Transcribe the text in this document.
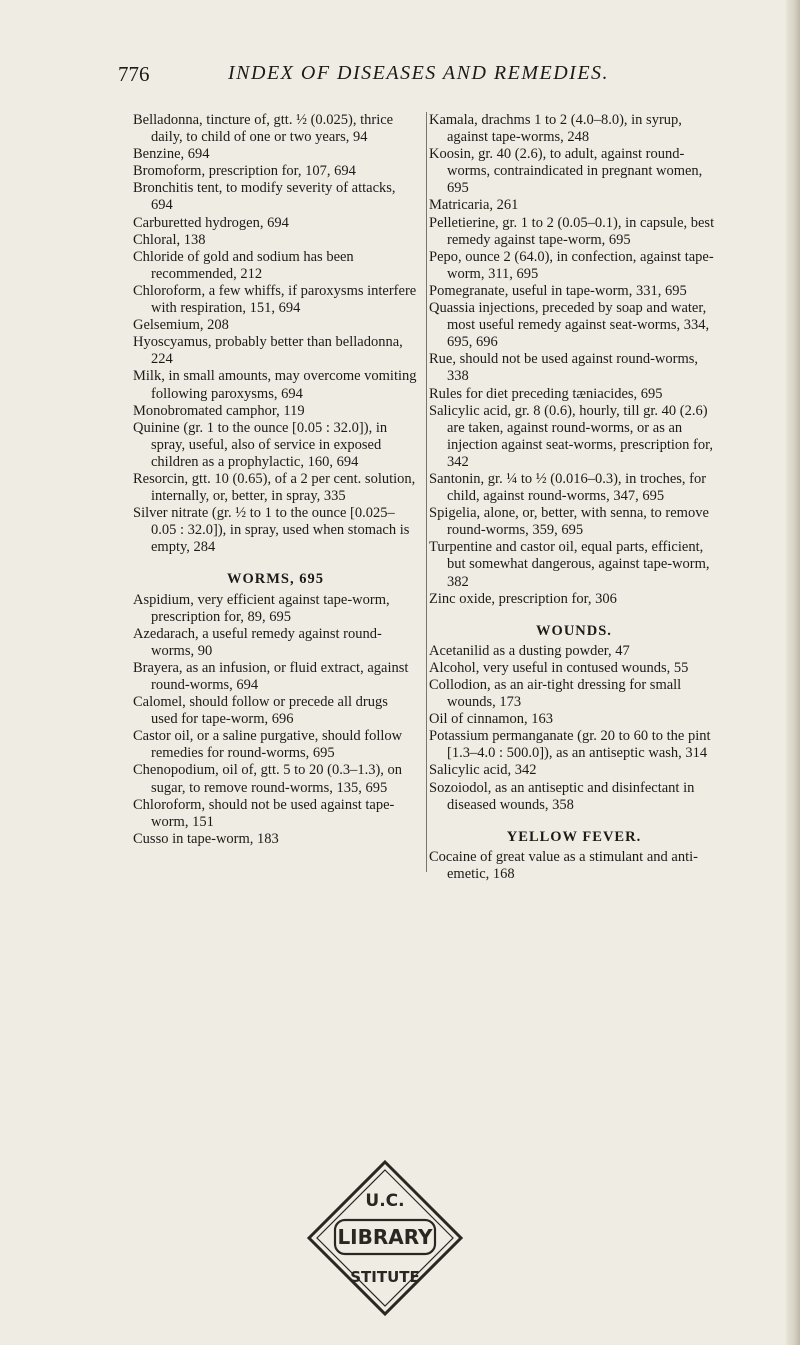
776	INDEX OF DISEASES AND REMEDIES.

Belladonna, tincture of, gtt. ½ (0.025), thrice daily, to child of one or two years, 94

Benzine, 694

Bromoform, prescription for, 107, 694

Bronchitis tent, to modify severity of attacks, 694

Carburetted hydrogen, 694

Chloral, 138

Chloride of gold and sodium has been recommended, 212

Chloroform, a few whiffs, if paroxysms interfere with respiration, 151, 694

Gelsemium, 208

Hyoscyamus, probably better than belladonna, 224

Milk, in small amounts, may overcome vomiting following paroxysms, 694

Monobromated camphor, 119

Quinine (gr. 1 to the ounce [0.05 : 32.0]), in spray, useful, also of service in exposed children as a prophylactic, 160, 694

Resorcin, gtt. 10 (0.65), of a 2 per cent. solution, internally, or, better, in spray, 335

Silver nitrate (gr. ½ to 1 to the ounce [0.025–0.05 : 32.0]), in spray, used when stomach is empty, 284

WORMS, 695

Aspidium, very efficient against tape-worm, prescription for, 89, 695

Azedarach, a useful remedy against round-worms, 90

Brayera, as an infusion, or fluid extract, against round-worms, 694

Calomel, should follow or precede all drugs used for tape-worm, 696

Castor oil, or a saline purgative, should follow remedies for round-worms, 695

Chenopodium, oil of, gtt. 5 to 20 (0.3–1.3), on sugar, to remove round-worms, 135, 695

Chloroform, should not be used against tape-worm, 151

Cusso in tape-worm, 183

Kamala, drachms 1 to 2 (4.0–8.0), in syrup, against tape-worms, 248

Koosin, gr. 40 (2.6), to adult, against round-worms, contraindicated in pregnant women, 695

Matricaria, 261

Pelletierine, gr. 1 to 2 (0.05–0.1), in capsule, best remedy against tape-worm, 695

Pepo, ounce 2 (64.0), in confection, against tape-worm, 311, 695

Pomegranate, useful in tape-worm, 331, 695

Quassia injections, preceded by soap and water, most useful remedy against seat-worms, 334, 695, 696

Rue, should not be used against round-worms, 338

Rules for diet preceding tæniacides, 695

Salicylic acid, gr. 8 (0.6), hourly, till gr. 40 (2.6) are taken, against round-worms, or as an injection against seat-worms, prescription for, 342

Santonin, gr. ¼ to ½ (0.016–0.3), in troches, for child, against round-worms, 347, 695

Spigelia, alone, or, better, with senna, to remove round-worms, 359, 695

Turpentine and castor oil, equal parts, efficient, but somewhat dangerous, against tape-worm, 382

Zinc oxide, prescription for, 306

WOUNDS.

Acetanilid as a dusting powder, 47

Alcohol, very useful in contused wounds, 55

Collodion, as an air-tight dressing for small wounds, 173

Oil of cinnamon, 163

Potassium permanganate (gr. 20 to 60 to the pint [1.3–4.0 : 500.0]), as an antiseptic wash, 314

Salicylic acid, 342

Sozoiodol, as an antiseptic and disinfectant in diseased wounds, 358

YELLOW FEVER.

Cocaine of great value as a stimulant and anti-emetic, 168

U.C.
LIBRARY
STITUTE
